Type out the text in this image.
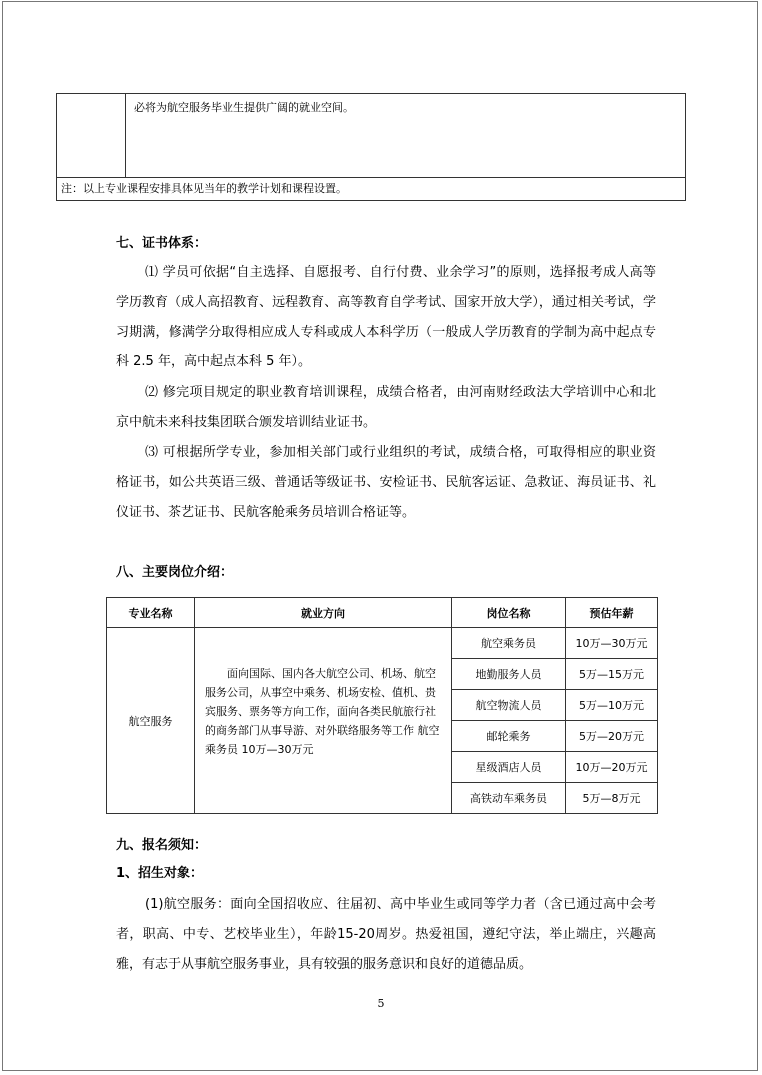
必将为航空服务毕业生提供广阔的就业空间。

注：以上专业课程安排具体见当年的教学计划和课程设置。
七、证书体系：
⑴ 学员可依据“自主选择、自愿报考、自行付费、业余学习”的原则，选择报考成人高等学历教育（成人高招教育、远程教育、高等教育自学考试、国家开放大学），通过相关考试，学习期满，修满学分取得相应成人专科或成人本科学历（一般成人学历教育的学制为高中起点专科 2.5 年，高中起点本科 5 年）。
⑵ 修完项目规定的职业教育培训课程，成绩合格者，由河南财经政法大学培训中心和北京中航未来科技集团联合颁发培训结业证书。
⑶ 可根据所学专业，参加相关部门或行业组织的考试，成绩合格，可取得相应的职业资格证书，如公共英语三级、普通话等级证书、安检证书、民航客运证、急救证、海员证书、礼仪证书、茶艺证书、民航客舱乘务员培训合格证等。
八、主要岗位介绍：
专业名称	就业方向	岗位名称	预估年薪
航空服务	面向国际、国内各大航空公司、机场、航空服务公司，从事空中乘务、机场安检、值机、贵宾服务、票务等方向工作，面向各类民航旅行社的商务部门从事导游、对外联络服务等工作 航空乘务员 10万—30万元	航空乘务员	10万—30万元
		地勤服务人员	5万—15万元
		航空物流人员	5万—10万元
		邮轮乘务	5万—20万元
		星级酒店人员	10万—20万元
		高铁动车乘务员	5万—8万元
九、报名须知：
1、招生对象：
(1)航空服务：面向全国招收应、往届初、高中毕业生或同等学力者（含已通过高中会考者，职高、中专、艺校毕业生），年龄15-20周岁。热爱祖国，遵纪守法，举止端庄，兴趣高雅，有志于从事航空服务事业，具有较强的服务意识和良好的道德品质。
5
